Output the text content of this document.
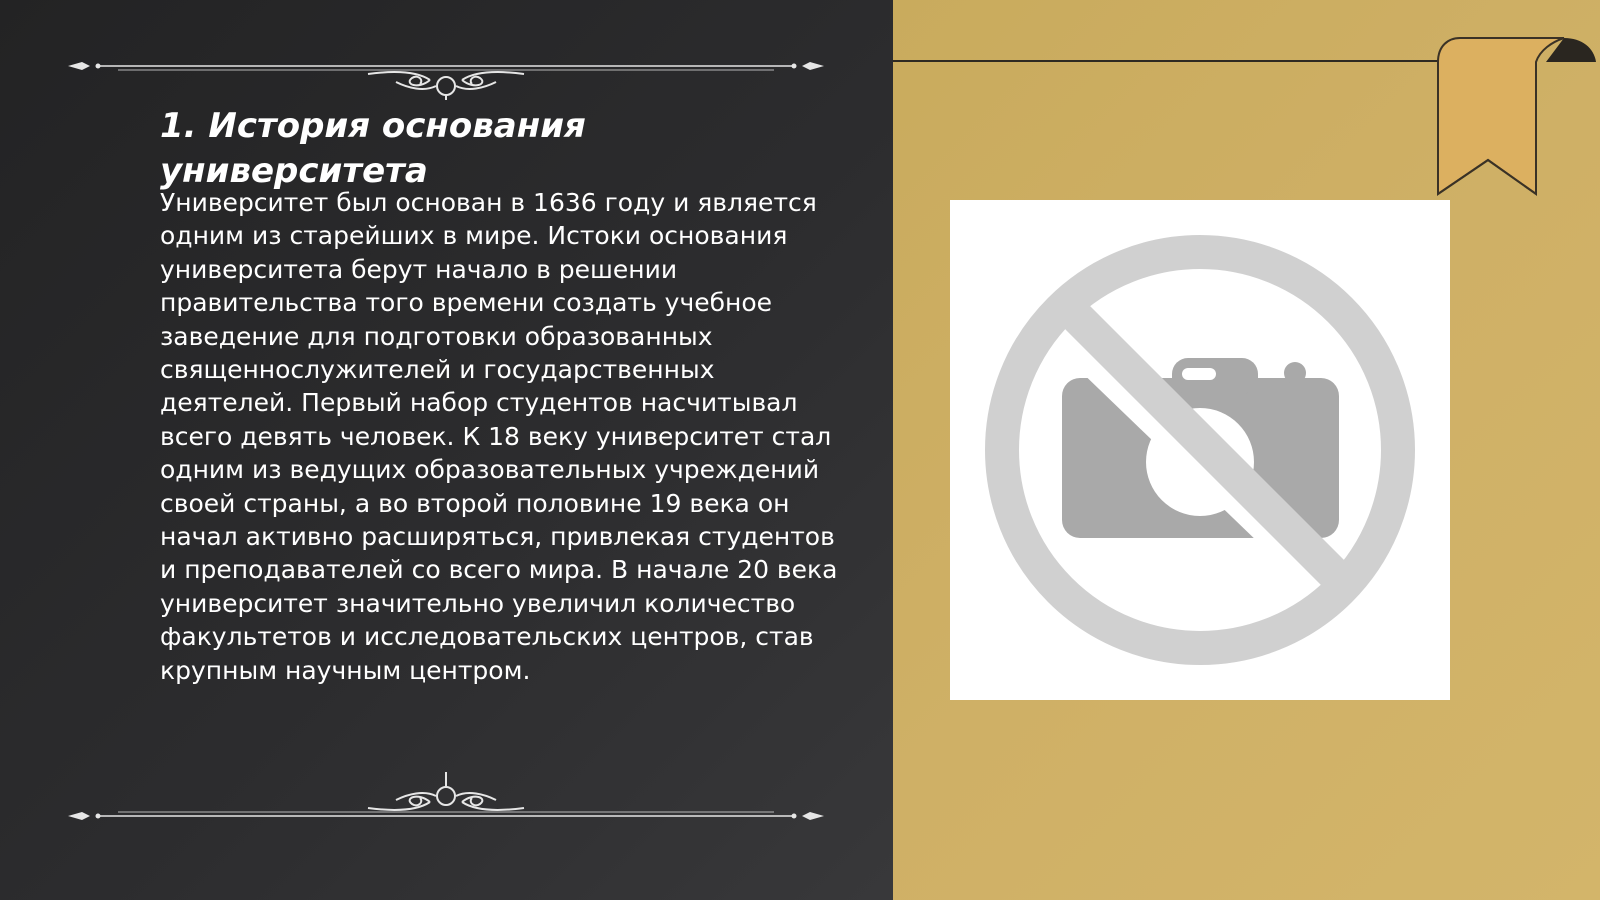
1. История основания университета

Университет был основан в 1636 году и является одним из старейших в мире. Истоки основания университета берут начало в решении правительства того времени создать учебное заведение для подготовки образованных священнослужителей и государственных деятелей. Первый набор студентов насчитывал всего девять человек. К 18 веку университет стал одним из ведущих образовательных учреждений своей страны, а во второй половине 19 века он начал активно расширяться, привлекая студентов и преподавателей со всего мира. В начале 20 века университет значительно увеличил количество факультетов и исследовательских центров, став крупным научным центром.
